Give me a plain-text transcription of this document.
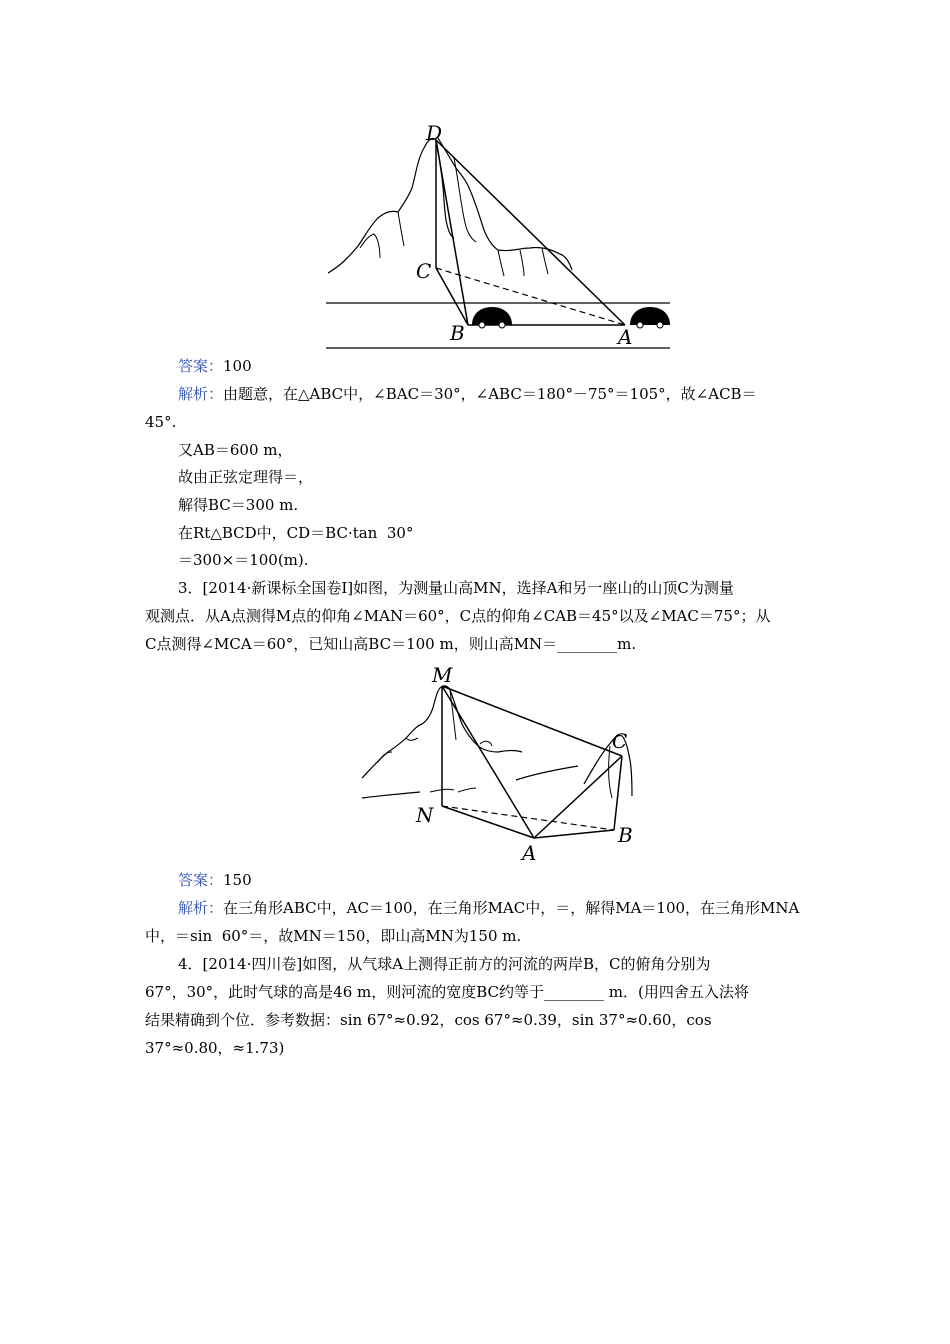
D
C
B	A
答案：100
解析：由题意，在△ABC中，∠BAC＝30°，∠ABC＝180°－75°＝105°，故∠ACB＝
45°.
又AB＝600 m，
故由正弦定理得＝，
解得BC＝300 m.
在Rt△BCD中，CD＝BC·tan  30°
＝300×＝100(m).
3．[2014·新课标全国卷Ⅰ]如图，为测量山高MN，选择A和另一座山的山顶C为测量
观测点．从A点测得M点的仰角∠MAN＝60°，C点的仰角∠CAB＝45°以及∠MAC＝75°；从
C点测得∠MCA＝60°，已知山高BC＝100 m，则山高MN＝________m.
M
C
N
A
B
答案：150
解析：在三角形ABC中，AC＝100，在三角形MAC中，＝，解得MA＝100，在三角形MNA
中，＝sin  60°＝，故MN＝150，即山高MN为150 m.
4．[2014·四川卷]如图，从气球A上测得正前方的河流的两岸B，C的俯角分别为
67°，30°，此时气球的高是46 m，则河流的宽度BC约等于________ m．(用四舍五入法将
结果精确到个位．参考数据：sin 67°≈0.92，cos 67°≈0.39，sin 37°≈0.60，cos
37°≈0.80，≈1.73)
